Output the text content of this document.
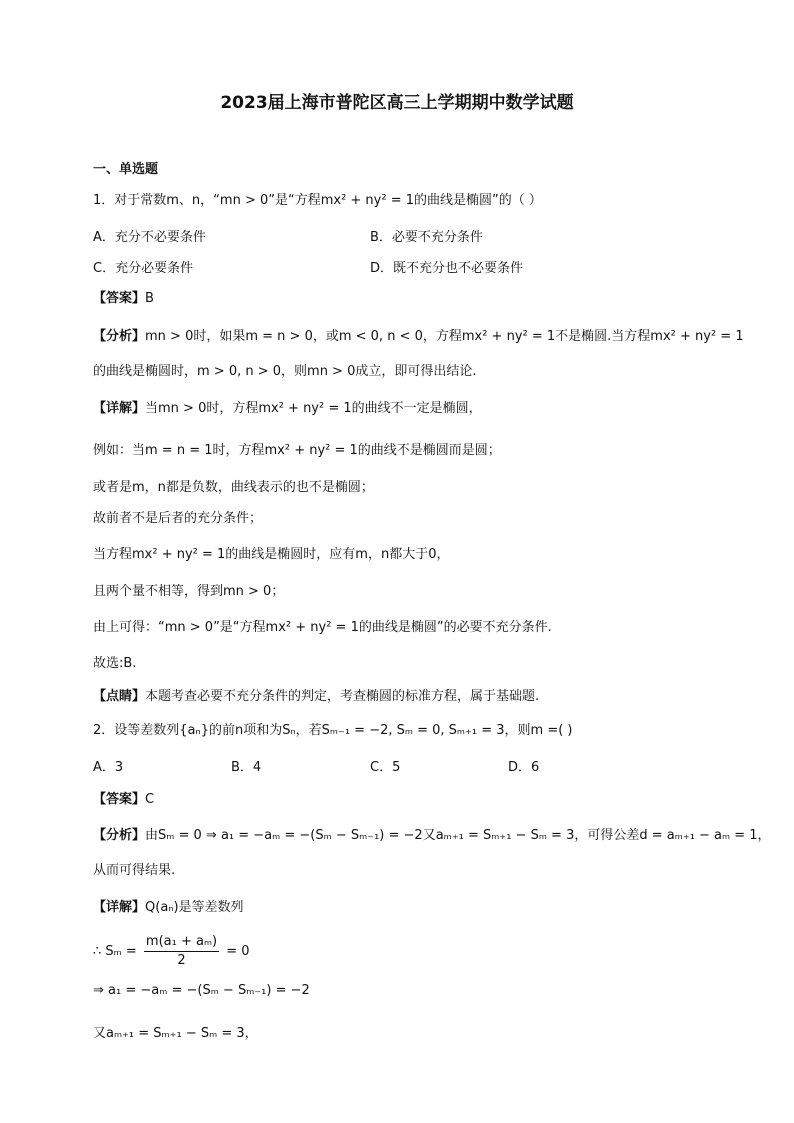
2023届上海市普陀区高三上学期期中数学试题
一、单选题
1．对于常数m、n，“mn > 0”是“方程mx² + ny² = 1的曲线是椭圆”的（ ）
A．充分不必要条件	B．必要不充分条件
C．充分必要条件	D．既不充分也不必要条件
【答案】B
【分析】mn > 0时，如果m = n > 0，或m < 0, n < 0，方程mx² + ny² = 1不是椭圆.当方程mx² + ny² = 1
的曲线是椭圆时，m > 0, n > 0，则mn > 0成立，即可得出结论.
【详解】当mn > 0时，方程mx² + ny² = 1的曲线不一定是椭圆，
例如：当m = n = 1时，方程mx² + ny² = 1的曲线不是椭圆而是圆；
或者是m，n都是负数，曲线表示的也不是椭圆；
故前者不是后者的充分条件；
当方程mx² + ny² = 1的曲线是椭圆时，应有m，n都大于0，
且两个量不相等，得到mn > 0；
由上可得：“mn > 0”是“方程mx² + ny² = 1的曲线是椭圆”的必要不充分条件.
故选:B.
【点睛】本题考查必要不充分条件的判定，考查椭圆的标准方程，属于基础题.
2．设等差数列{aₙ}的前n项和为Sₙ，若Sₘ₋₁ = −2, Sₘ = 0, Sₘ₊₁ = 3，则m =( )
A．3	B．4	C．5	D．6
【答案】C
【分析】由Sₘ = 0 ⇒ a₁ = −aₘ = −(Sₘ − Sₘ₋₁) = −2又aₘ₊₁ = Sₘ₊₁ − Sₘ = 3，可得公差d = aₘ₊₁ − aₘ = 1，
从而可得结果.
【详解】Q(aₙ)是等差数列
∴ $S_m = \frac{\text{m(a₁ + aₘ)}}{2} = 0$
⇒ a₁ = −aₘ = −(Sₘ − Sₘ₋₁) = −2
又aₘ₊₁ = Sₘ₊₁ − Sₘ = 3，
